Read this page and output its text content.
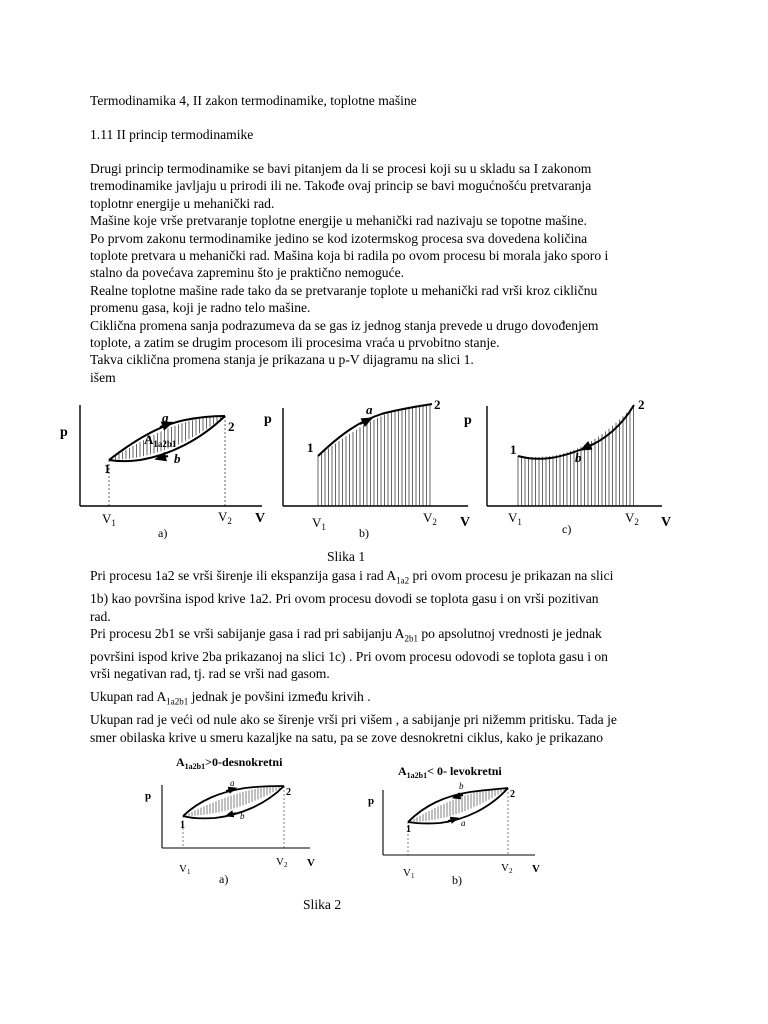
Termodinamika 4, II zakon termodinamike, toplotne mašine
1.11 II princip termodinamike
Drugi princip termodinamike se bavi pitanjem da li se procesi koji su u skladu sa I zakonom
tremodinamike javljaju u prirodi ili ne. Takođe ovaj princip se bavi mogućnošću pretvaranja
toplotnr energije u mehanički rad.
Mašine koje vrše pretvaranje toplotne energije u mehanički rad nazivaju se topotne mašine.
Po prvom zakonu termodinamike jedino se kod izotermskog procesa sva dovedena količina
toplote pretvara u mehanički rad. Mašina koja bi radila po ovom procesu bi morala jako sporo i
stalno da povećava zapreminu što je praktično nemoguće.
Realne toplotne mašine rade tako da se pretvaranje toplote u mehanički rad vrši kroz cikličnu
promenu gasa, koji je radno telo mašine.
Ciklična promena sanja podrazumeva da se gas iz jednog stanja prevede u drugo dovođenjem
toplote, a zatim se drugim procesom ili procesima vraća u prvobitno stanje.
Takva ciklična promena stanja je prikazana u p-V dijagramu na slici 1.
išem
p
V
$V_1$	$V_2$
1
2
a
b
$A_{1a2b1}$
a)
p
V
$V_1$
$V_2$
1
2
a
b)
p
V
$V_1$	$V_2$
1
2
b
c)
Slika 1
Pri procesu 1a2 se vrši širenje ili ekspanzija gasa i rad $A_{1a2}$ pri ovom procesu je prikazan na slici
1b) kao površina ispod krive 1a2. Pri ovom procesu dovodi se toplota gasu i on vrši pozitivan
rad.
Pri procesu 2b1 se vrši sabijanje gasa i rad pri sabijanju $A_{2b1}$ po apsolutnoj vrednosti je jednak
površini ispod krive 2ba prikazanoj na slici 1c) . Pri ovom procesu odovodi se toplota gasu i on
vrši negativan rad, tj. rad se vrši nad gasom.
Ukupan rad $A_{1a2b1}$ jednak je povšini između krivih .
Ukupan rad je veći od nule ako se širenje vrši pri višem , a sabijanje pri nižemm pritisku. Tada je
smer obilaska krive u smeru kazaljke na satu, pa se zove desnokretni ciklus, kako je prikazano
$A_{1a2b1}>0$-desnokretni
p
V
V1
V2
1
2
a
b
a)
$A_{1a2b1}< 0-$ levokretni
p
V
V1
V2
1
2
b
a
b)
Slika 2
